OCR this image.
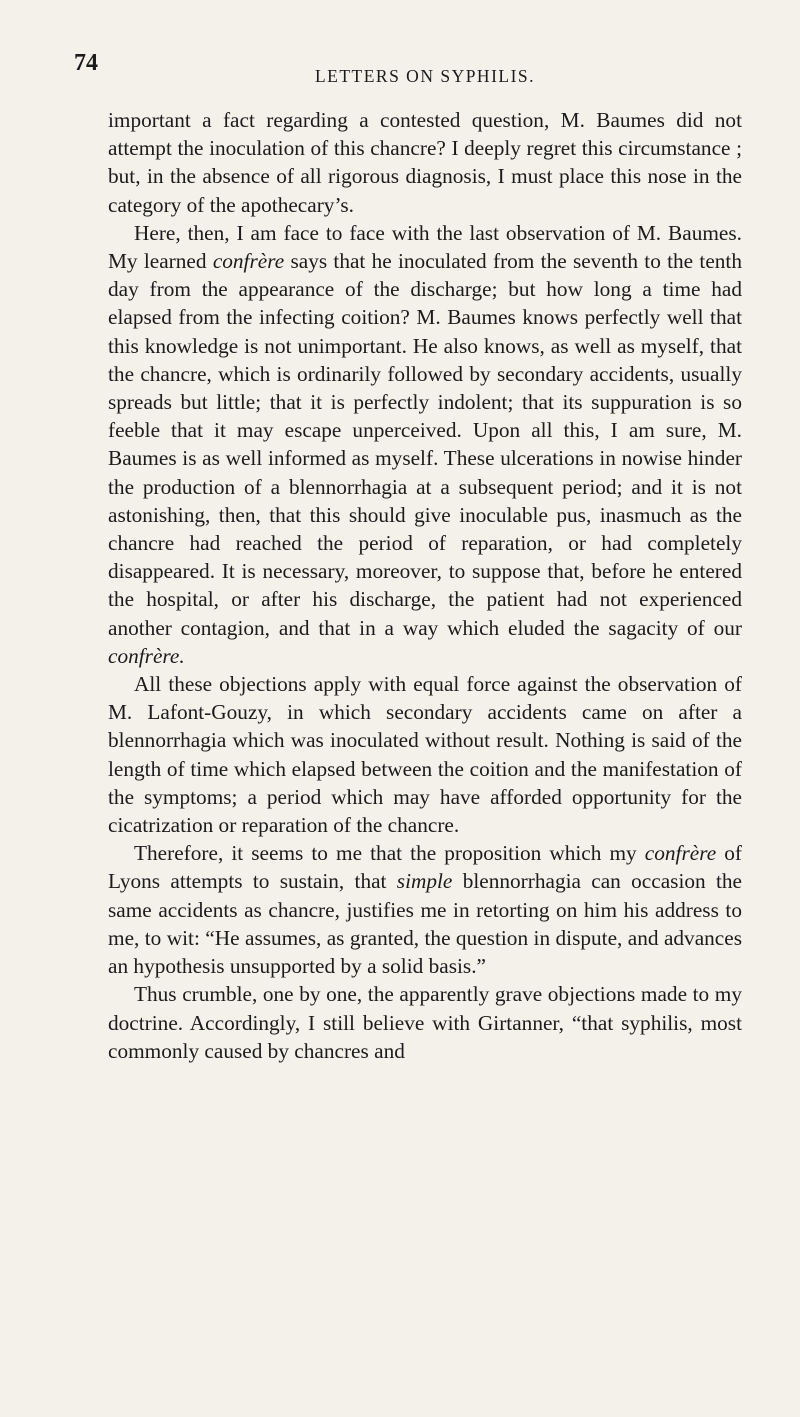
74	LETTERS ON SYPHILIS.

important a fact regarding a contested question, M. Baumes did not attempt the inoculation of this chancre? I deeply regret this circumstance ; but, in the absence of all rigorous diagnosis, I must place this nose in the category of the apothecary’s.

Here, then, I am face to face with the last observation of M. Baumes. My learned confrère says that he inoculated from the seventh to the tenth day from the appearance of the discharge; but how long a time had elapsed from the infecting coition? M. Baumes knows perfectly well that this knowledge is not unimportant. He also knows, as well as myself, that the chancre, which is ordinarily followed by secondary accidents, usually spreads but little; that it is perfectly indolent; that its suppuration is so feeble that it may escape unperceived. Upon all this, I am sure, M. Baumes is as well informed as myself. These ulcerations in nowise hinder the production of a blennorrhagia at a subsequent period; and it is not astonishing, then, that this should give inoculable pus, inasmuch as the chancre had reached the period of reparation, or had completely disappeared. It is necessary, moreover, to suppose that, before he entered the hospital, or after his discharge, the patient had not experienced another contagion, and that in a way which eluded the sagacity of our confrère.

All these objections apply with equal force against the observation of M. Lafont-Gouzy, in which secondary accidents came on after a blennorrhagia which was inoculated without result. Nothing is said of the length of time which elapsed between the coition and the manifestation of the symptoms; a period which may have afforded opportunity for the cicatrization or reparation of the chancre.

Therefore, it seems to me that the proposition which my confrère of Lyons attempts to sustain, that simple blennorrhagia can occasion the same accidents as chancre, justifies me in retorting on him his address to me, to wit: “He assumes, as granted, the question in dispute, and advances an hypothesis unsupported by a solid basis.”

Thus crumble, one by one, the apparently grave objections made to my doctrine. Accordingly, I still believe with Girtanner, “that syphilis, most commonly caused by chancres and
